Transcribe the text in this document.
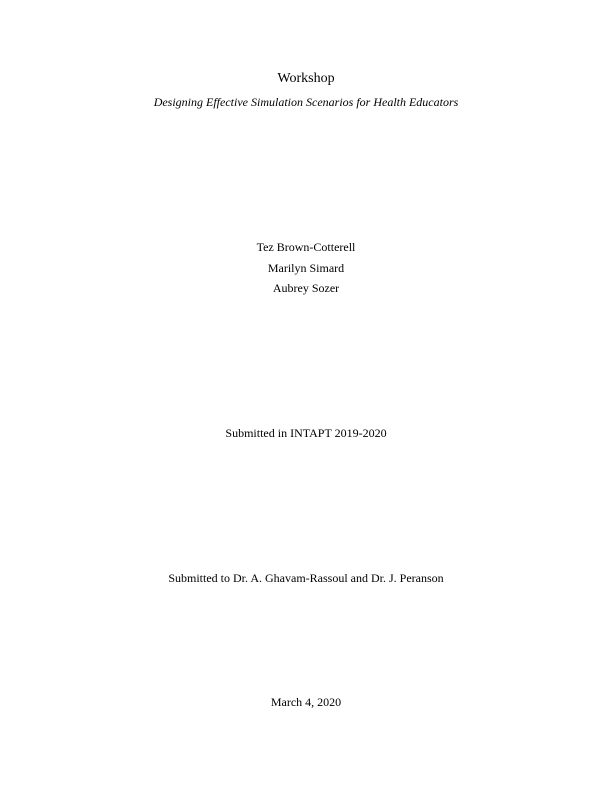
Workshop
Designing Effective Simulation Scenarios for Health Educators
Tez Brown-Cotterell
Marilyn Simard
Aubrey Sozer
Submitted in INTAPT 2019-2020
Submitted to Dr. A. Ghavam-Rassoul and Dr. J. Peranson
March 4, 2020
